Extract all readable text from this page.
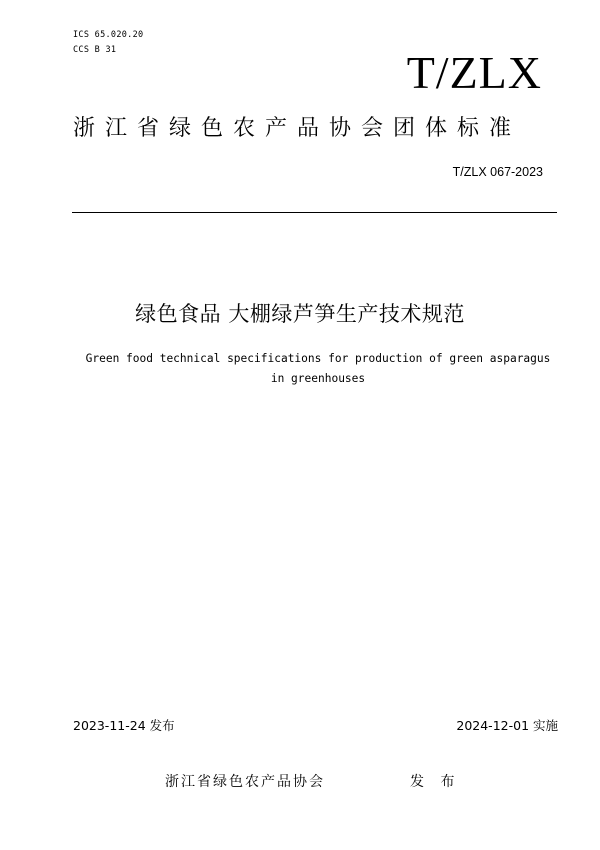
ICS 65.020.20
CCS B 31	T/ZLX
浙江省绿色农产品协会团体标准
T/ZLX 067-2023
绿色食品 大棚绿芦笋生产技术规范
Green food technical specifications for production of green asparagus
in greenhouses
2023-11-24 发布	2024-12-01 实施
浙江省绿色农产品协会	发 布
